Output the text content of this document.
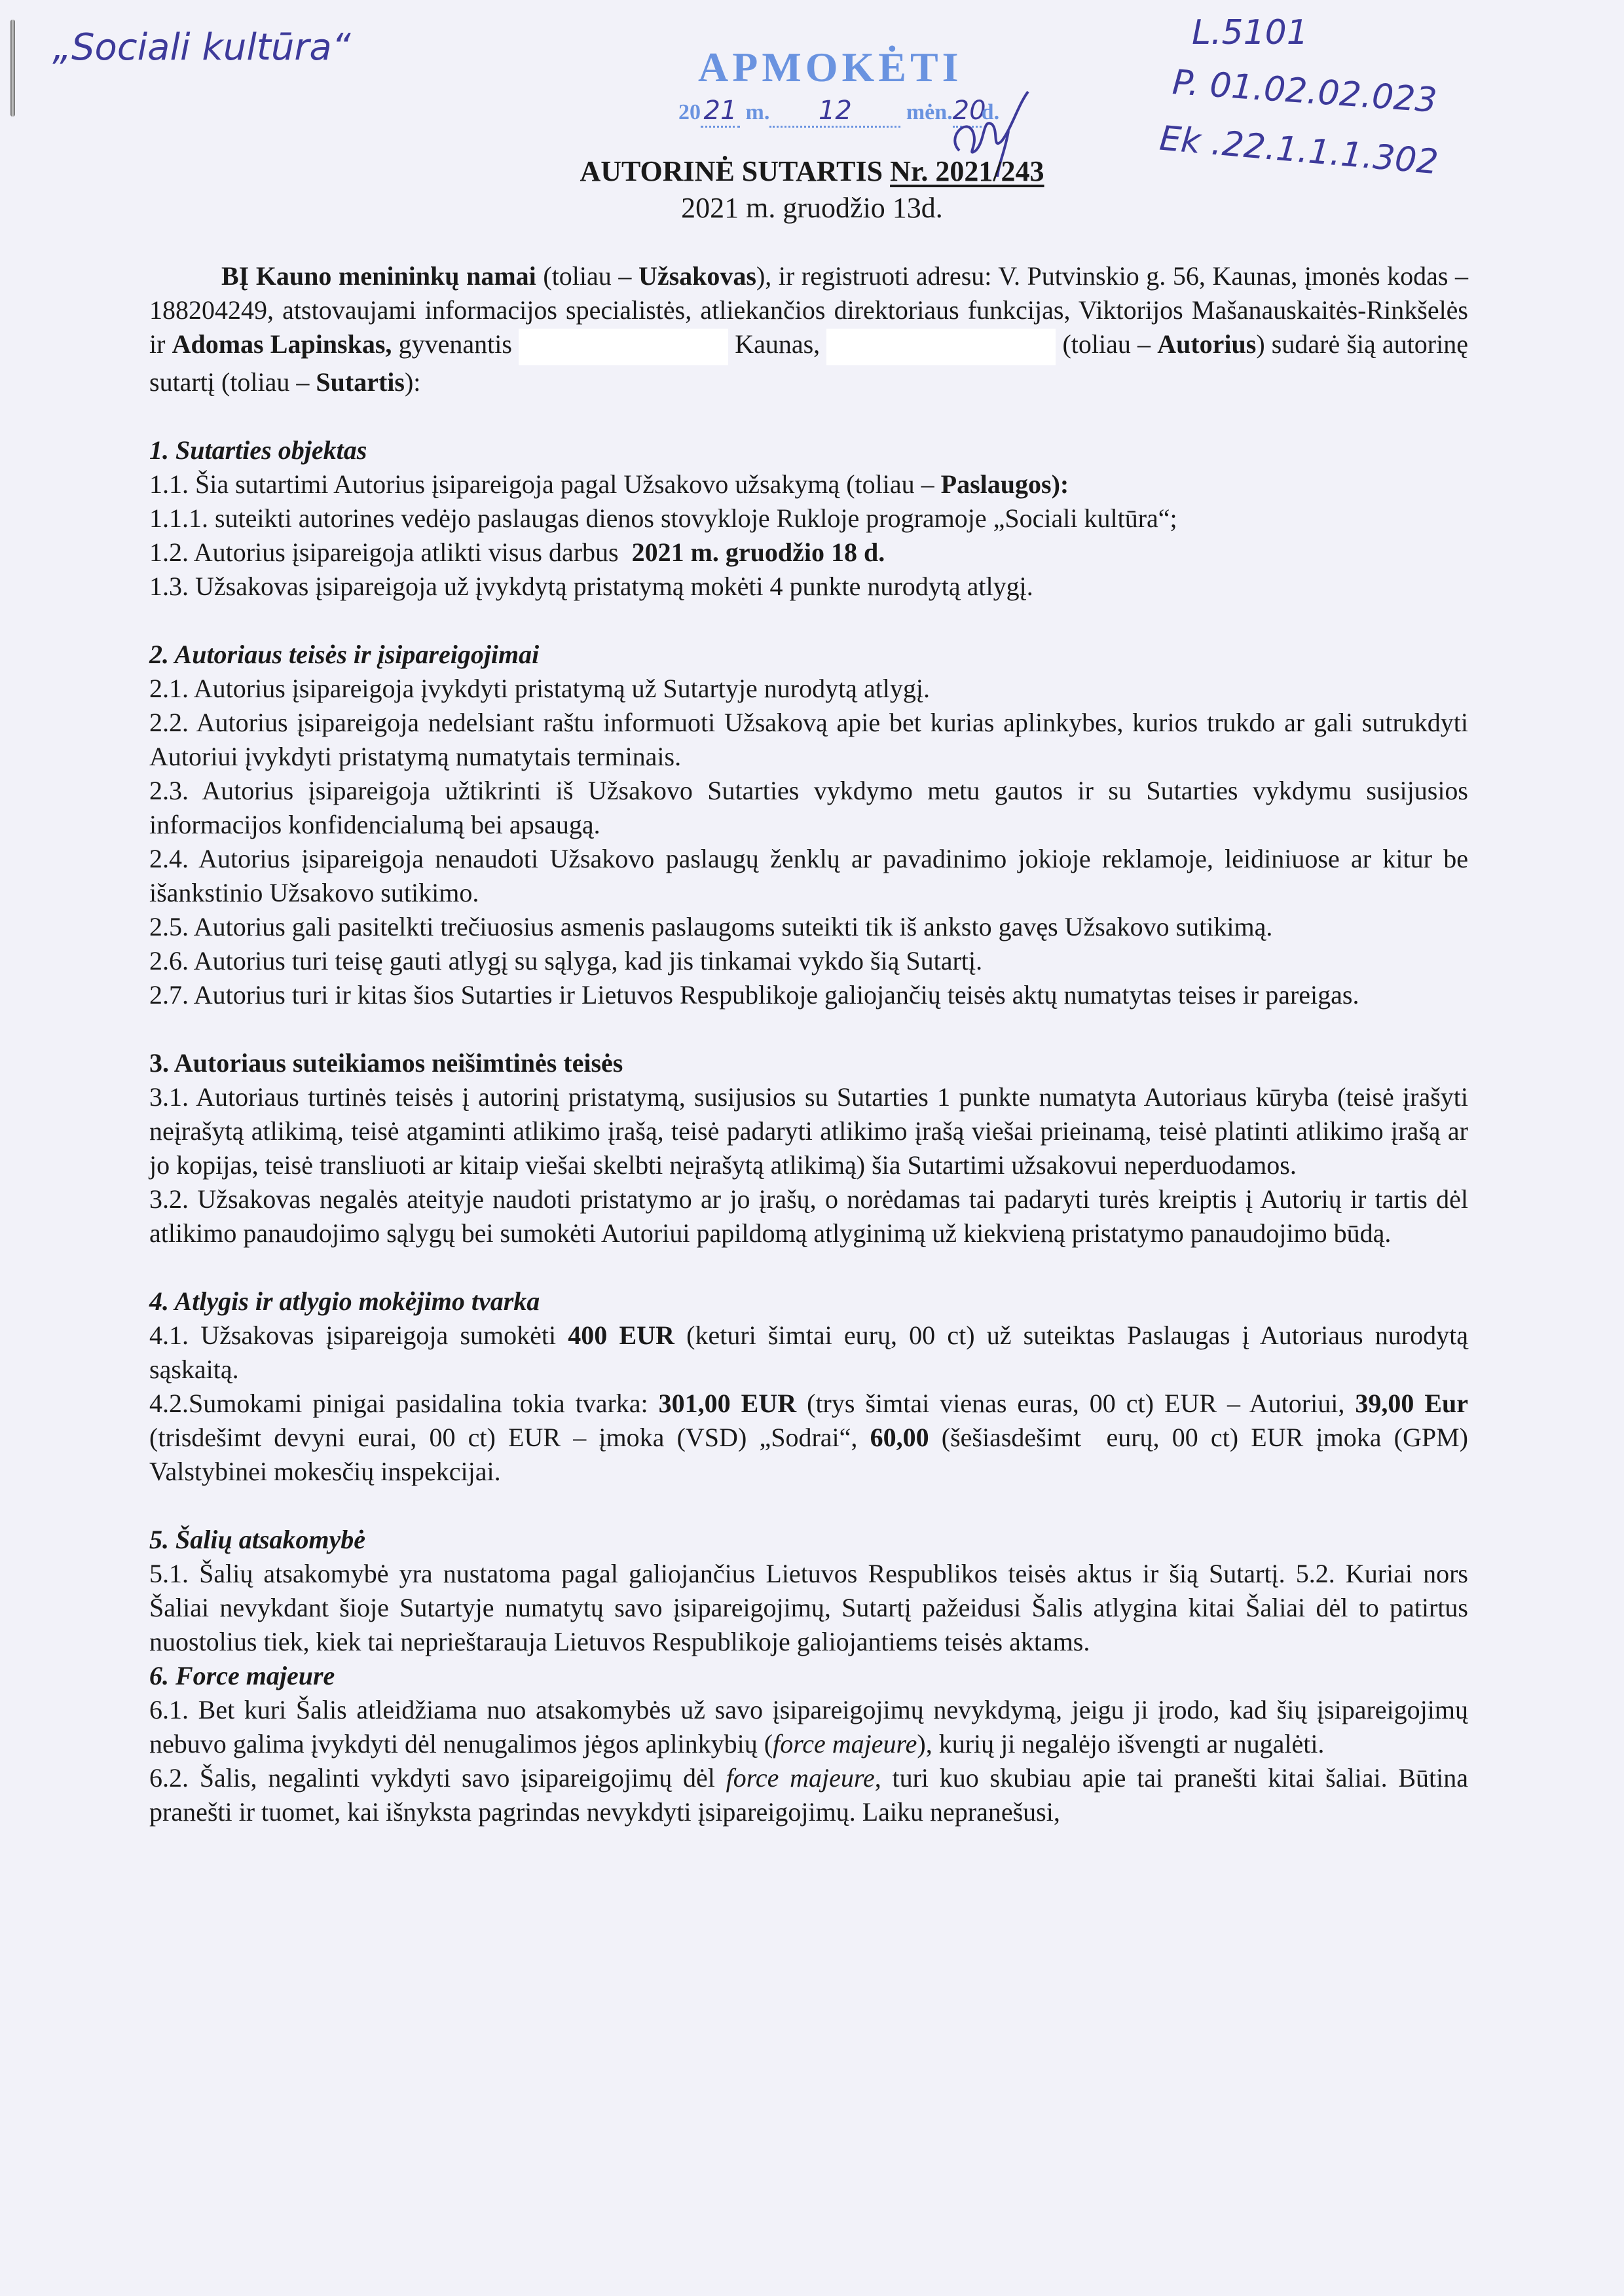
„Sociali kultūra“	L.5101
P. 01.02.02.023
Ek .22.1.1.1.302
APMOKĖTI
20 21 m. 12 mėn.20d.
AUTORINĖ SUTARTIS Nr. 2021/243
2021 m. gruodžio 13d.

BĮ Kauno menininkų namai (toliau – Užsakovas), ir registruoti adresu: V. Putvinskio g. 56, Kaunas, įmonės kodas – 188204249, atstovaujami informacijos specialistės, atliekančios direktoriaus funkcijas, Viktorijos Mašanauskaitės-Rinkšelės ir Adomas Lapinskas, gyvenantis	Kaunas,	(toliau – Autorius) sudarė šią autorinę sutartį (toliau – Sutartis):

1. Sutarties objektas

1.1. Šia sutartimi Autorius įsipareigoja pagal Užsakovo užsakymą (toliau – Paslaugos):

1.1.1. suteikti autorines vedėjo paslaugas dienos stovykloje Rukloje programoje „Sociali kultūra“;

1.2. Autorius įsipareigoja atlikti visus darbus  2021 m. gruodžio 18 d.

1.3. Užsakovas įsipareigoja už įvykdytą pristatymą mokėti 4 punkte nurodytą atlygį.

2. Autoriaus teisės ir įsipareigojimai

2.1. Autorius įsipareigoja įvykdyti pristatymą už Sutartyje nurodytą atlygį.

2.2. Autorius įsipareigoja nedelsiant raštu informuoti Užsakovą apie bet kurias aplinkybes, kurios trukdo ar gali sutrukdyti Autoriui įvykdyti pristatymą numatytais terminais.

2.3. Autorius įsipareigoja užtikrinti iš Užsakovo Sutarties vykdymo metu gautos ir su Sutarties vykdymu susijusios informacijos konfidencialumą bei apsaugą.

2.4. Autorius įsipareigoja nenaudoti Užsakovo paslaugų ženklų ar pavadinimo jokioje reklamoje, leidiniuose ar kitur be išankstinio Užsakovo sutikimo.

2.5. Autorius gali pasitelkti trečiuosius asmenis paslaugoms suteikti tik iš anksto gavęs Užsakovo sutikimą.

2.6. Autorius turi teisę gauti atlygį su sąlyga, kad jis tinkamai vykdo šią Sutartį.

2.7. Autorius turi ir kitas šios Sutarties ir Lietuvos Respublikoje galiojančių teisės aktų numatytas teises ir pareigas.

3. Autoriaus suteikiamos neišimtinės teisės

3.1. Autoriaus turtinės teisės į autorinį pristatymą, susijusios su Sutarties 1 punkte numatyta Autoriaus kūryba (teisė įrašyti neįrašytą atlikimą, teisė atgaminti atlikimo įrašą, teisė padaryti atlikimo įrašą viešai prieinamą, teisė platinti atlikimo įrašą ar jo kopijas, teisė transliuoti ar kitaip viešai skelbti neįrašytą atlikimą) šia Sutartimi užsakovui neperduodamos.

3.2. Užsakovas negalės ateityje naudoti pristatymo ar jo įrašų, o norėdamas tai padaryti turės kreiptis į Autorių ir tartis dėl atlikimo panaudojimo sąlygų bei sumokėti Autoriui papildomą atlyginimą už kiekvieną pristatymo panaudojimo būdą.

4. Atlygis ir atlygio mokėjimo tvarka

4.1. Užsakovas įsipareigoja sumokėti 400 EUR (keturi šimtai eurų, 00 ct) už suteiktas Paslaugas į Autoriaus nurodytą sąskaitą.

4.2.Sumokami pinigai pasidalina tokia tvarka: 301,00 EUR (trys šimtai vienas euras, 00 ct) EUR – Autoriui, 39,00 Eur (trisdešimt devyni eurai, 00 ct) EUR – įmoka (VSD) „Sodrai“, 60,00 (šešiasdešimt  eurų, 00 ct) EUR įmoka (GPM) Valstybinei mokesčių inspekcijai.

5. Šalių atsakomybė

5.1. Šalių atsakomybė yra nustatoma pagal galiojančius Lietuvos Respublikos teisės aktus ir šią Sutartį. 5.2. Kuriai nors Šaliai nevykdant šioje Sutartyje numatytų savo įsipareigojimų, Sutartį pažeidusi Šalis atlygina kitai Šaliai dėl to patirtus nuostolius tiek, kiek tai neprieštarauja Lietuvos Respublikoje galiojantiems teisės aktams.

6. Force majeure

6.1. Bet kuri Šalis atleidžiama nuo atsakomybės už savo įsipareigojimų nevykdymą, jeigu ji įrodo, kad šių įsipareigojimų nebuvo galima įvykdyti dėl nenugalimos jėgos aplinkybių (force majeure), kurių ji negalėjo išvengti ar nugalėti.

6.2. Šalis, negalinti vykdyti savo įsipareigojimų dėl force majeure, turi kuo skubiau apie tai pranešti kitai šaliai. Būtina pranešti ir tuomet, kai išnyksta pagrindas nevykdyti įsipareigojimų. Laiku nepranešusi,
